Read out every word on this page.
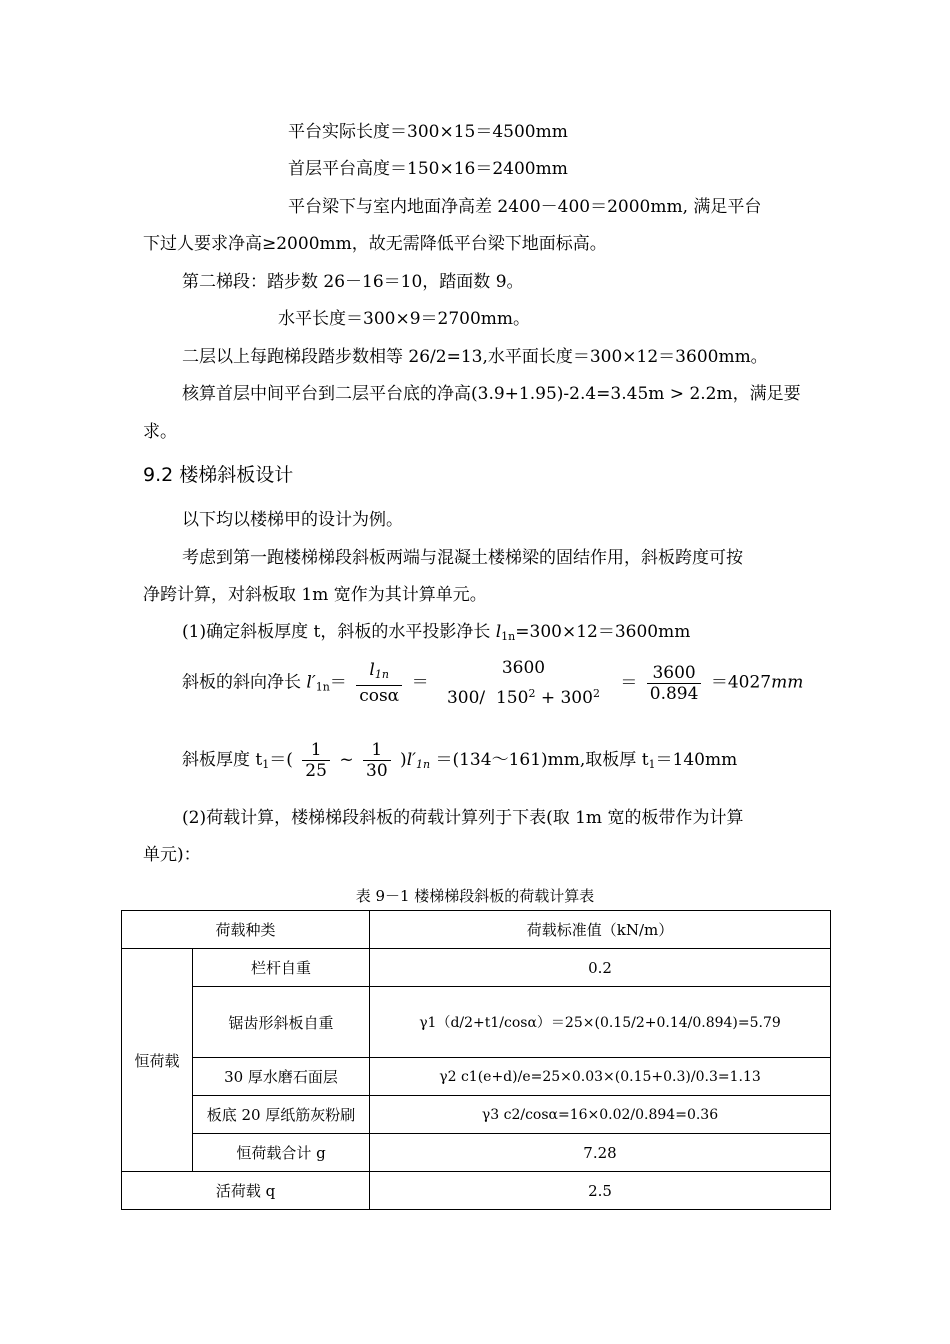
平台实际长度＝300×15＝4500mm
首层平台高度＝150×16＝2400mm
平台梁下与室内地面净高差 2400－400＝2000mm, 满足平台
下过人要求净高≥2000mm，故无需降低平台梁下地面标高。
第二梯段：踏步数 26－16＝10，踏面数 9。
水平长度＝300×9＝2700mm。
二层以上每跑梯段踏步数相等 26/2=13,水平面长度＝300×12＝3600mm。
核算首层中间平台到二层平台底的净高(3.9+1.95)-2.4=3.45m > 2.2m，满足要
求。
9.2 楼梯斜板设计
以下均以楼梯甲的设计为例。
考虑到第一跑楼梯梯段斜板两端与混凝土楼梯梁的固结作用，斜板跨度可按
净跨计算，对斜板取 1m 宽作为其计算单元。
(1)确定斜板厚度 t，斜板的水平投影净长 $l_{1n}=300\times 12=3600mm$
斜板的斜向净长 $l'_{1n}= \frac{l_{1n}}{\cos\alpha}$ ＝
3600
300/ $150^2 + 300^2$
＝ $\frac{3600}{0.894} =4027mm$
斜板厚度 $t_1=( \frac{1}{25}$ ~ $\frac{1}{30} )l'_{1n}$ ＝(134～161)mm,取板厚 $t_1=140mm$
(2)荷载计算，楼梯梯段斜板的荷载计算列于下表(取 1m 宽的板带作为计算
单元)：
表 9－1 楼梯梯段斜板的荷载计算表
荷载种类		荷载标准值（kN/m）
恒荷载	栏杆自重	0.2
	锯齿形斜板自重	γ1（d/2+t1/cosα）＝25×(0.15/2+0.14/0.894)=5.79
	30 厚水磨石面层	γ2 c1(e+d)/e=25×0.03×(0.15+0.3)/0.3=1.13
	板底 20 厚纸筋灰粉刷	γ3 c2/cosα=16×0.02/0.894=0.36
	恒荷载合计 g	7.28
活荷载 q		2.5
